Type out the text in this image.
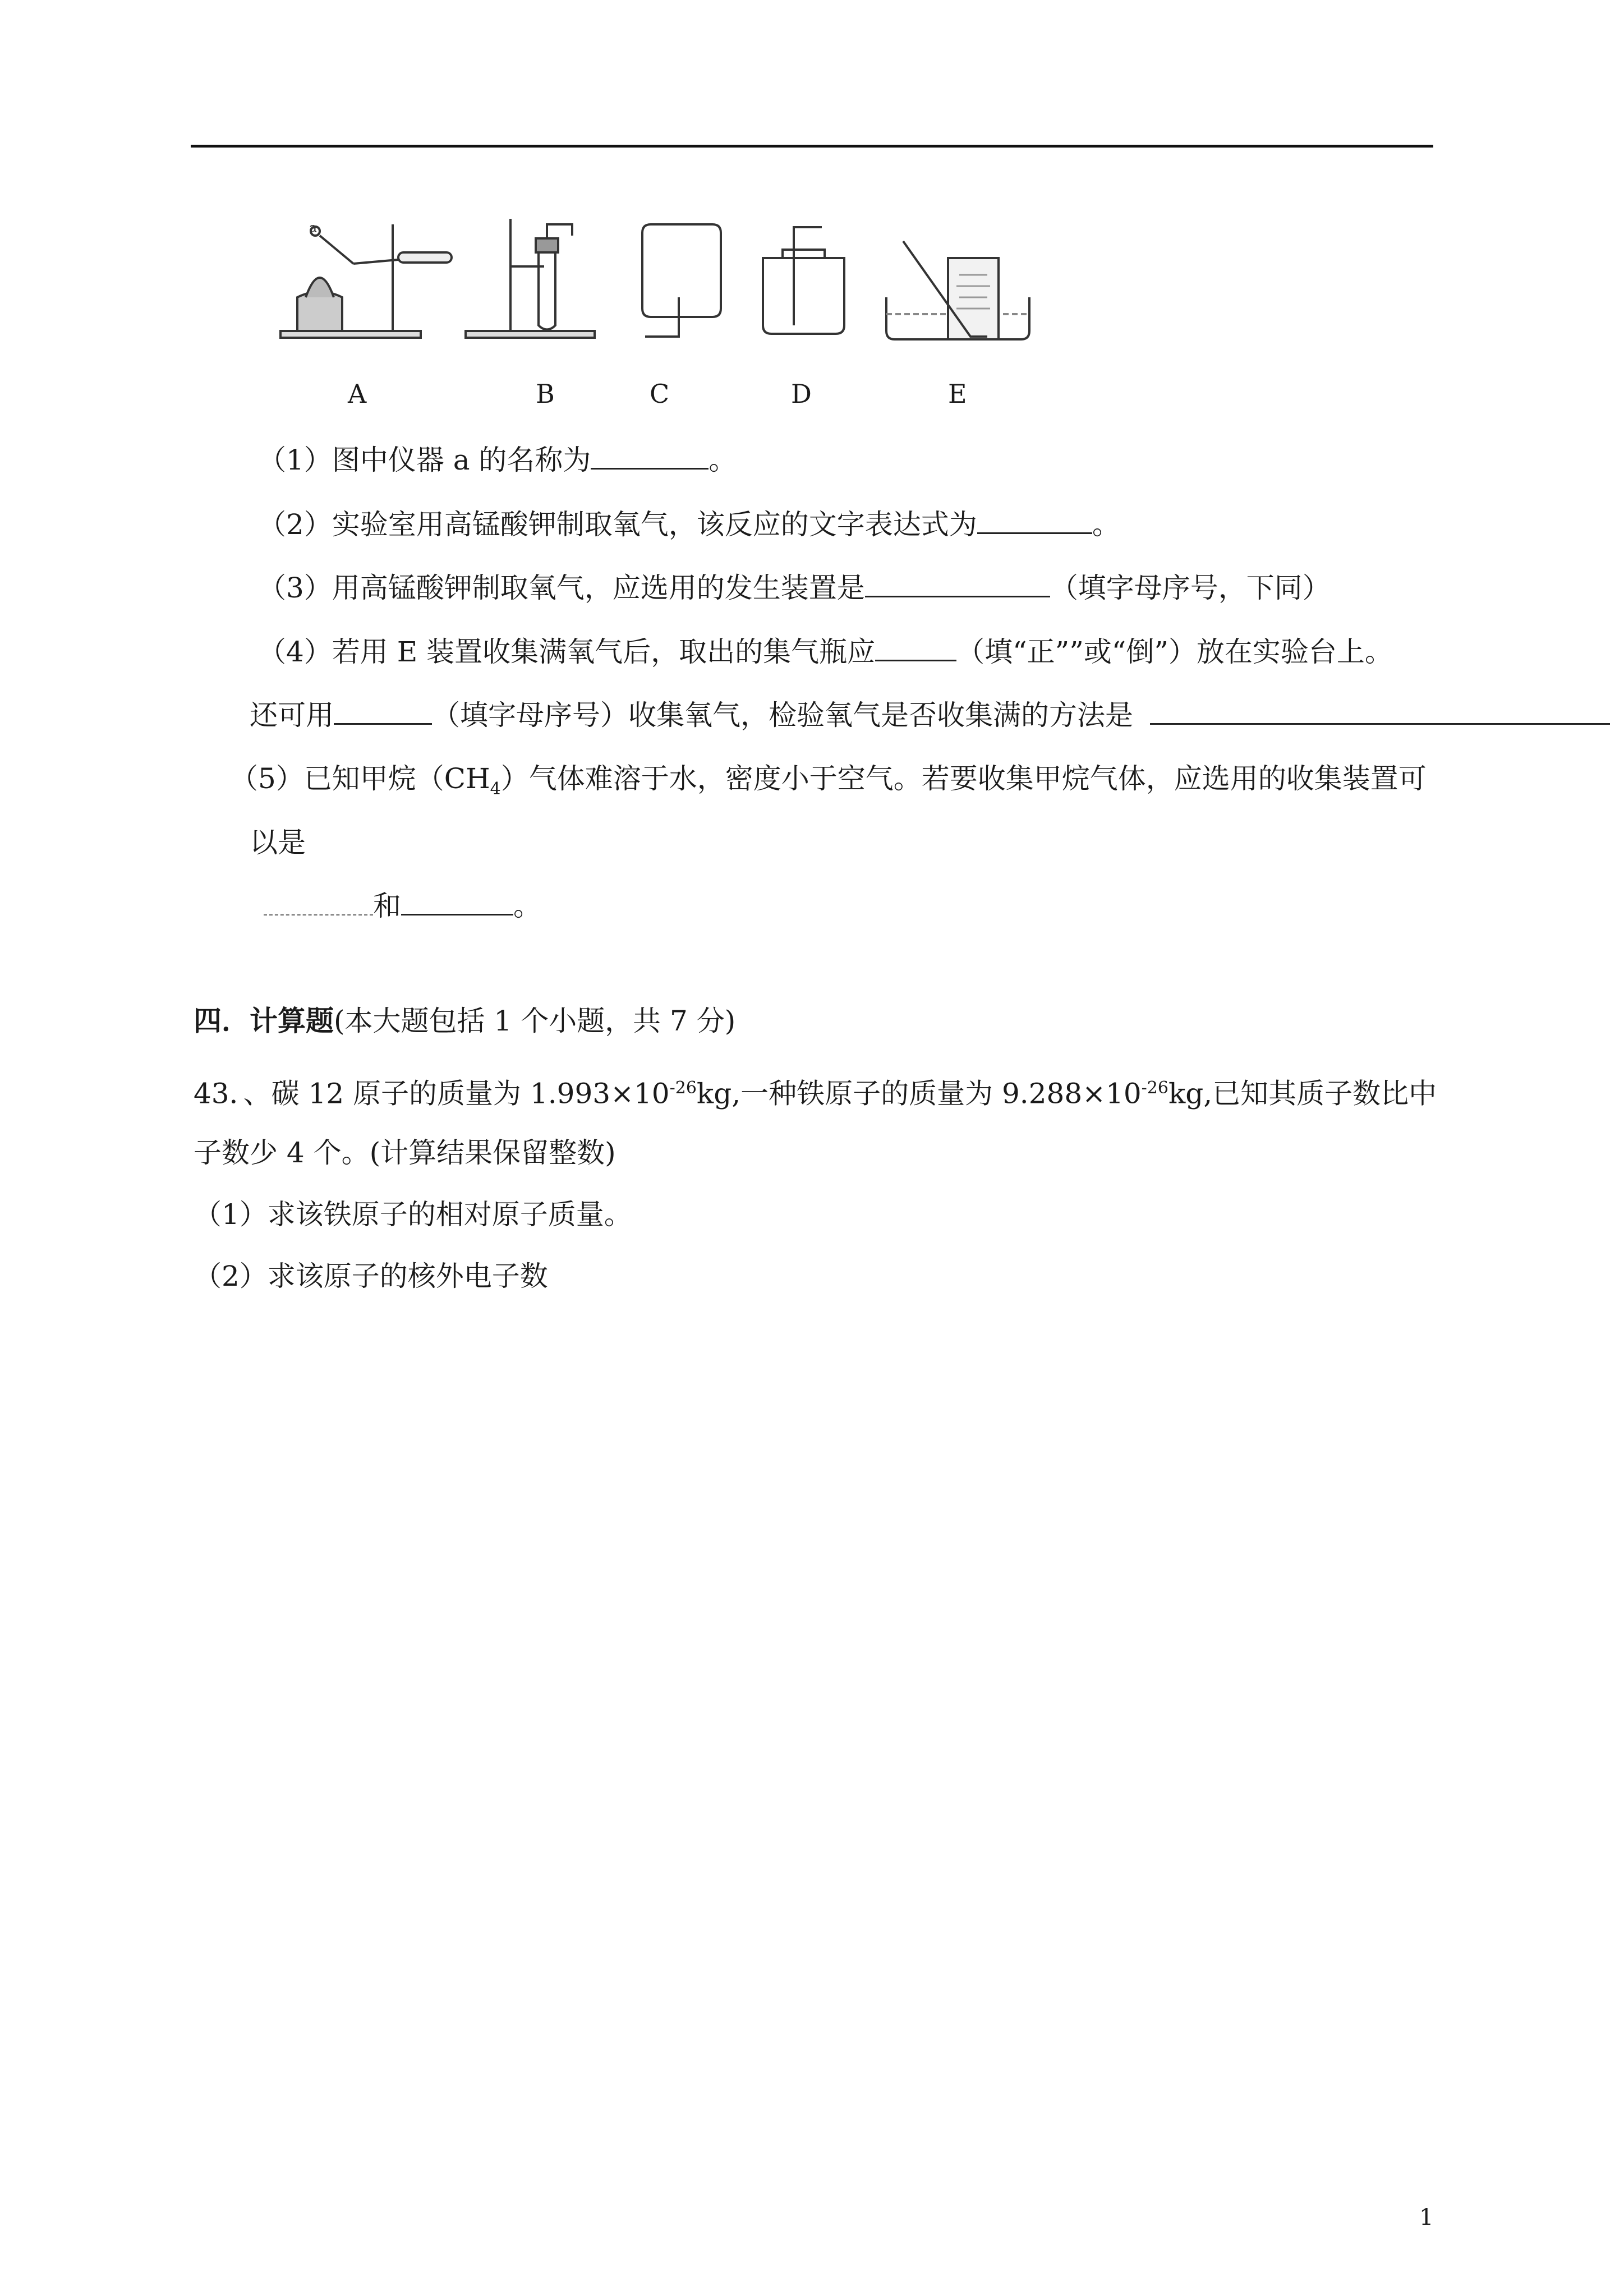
a
A	B	C	D	E
（1）图中仪器 a 的名称为	。
（2）实验室用高锰酸钾制取氧气，该反应的文字表达式为	。
（3）用高锰酸钾制取氧气，应选用的发生装置是	（填字母序号，下同）
（4）若用 E 装置收集满氧气后，取出的集气瓶应	（填“正””或“倒”）放在实验台上。
还可用	（填字母序号）收集氧气，检验氧气是否收集满的方法是
（5）已知甲烷$(CH_4)$气体难溶于水，密度小于空气。若要收集甲烷气体，应选用的收集装置可
以是
和	。
四．计算题(本大题包括 1 个小题，共 7 分)
43．、碳 12 原子的质量为 $1.993\times 10^{-26}kg$,一种铁原子的质量为 $9.288\times 10^{-26}kg$,已知其质子数比中
子数少 4 个。(计算结果保留整数)
（1）求该铁原子的相对原子质量。
（2）求该原子的核外电子数
1
